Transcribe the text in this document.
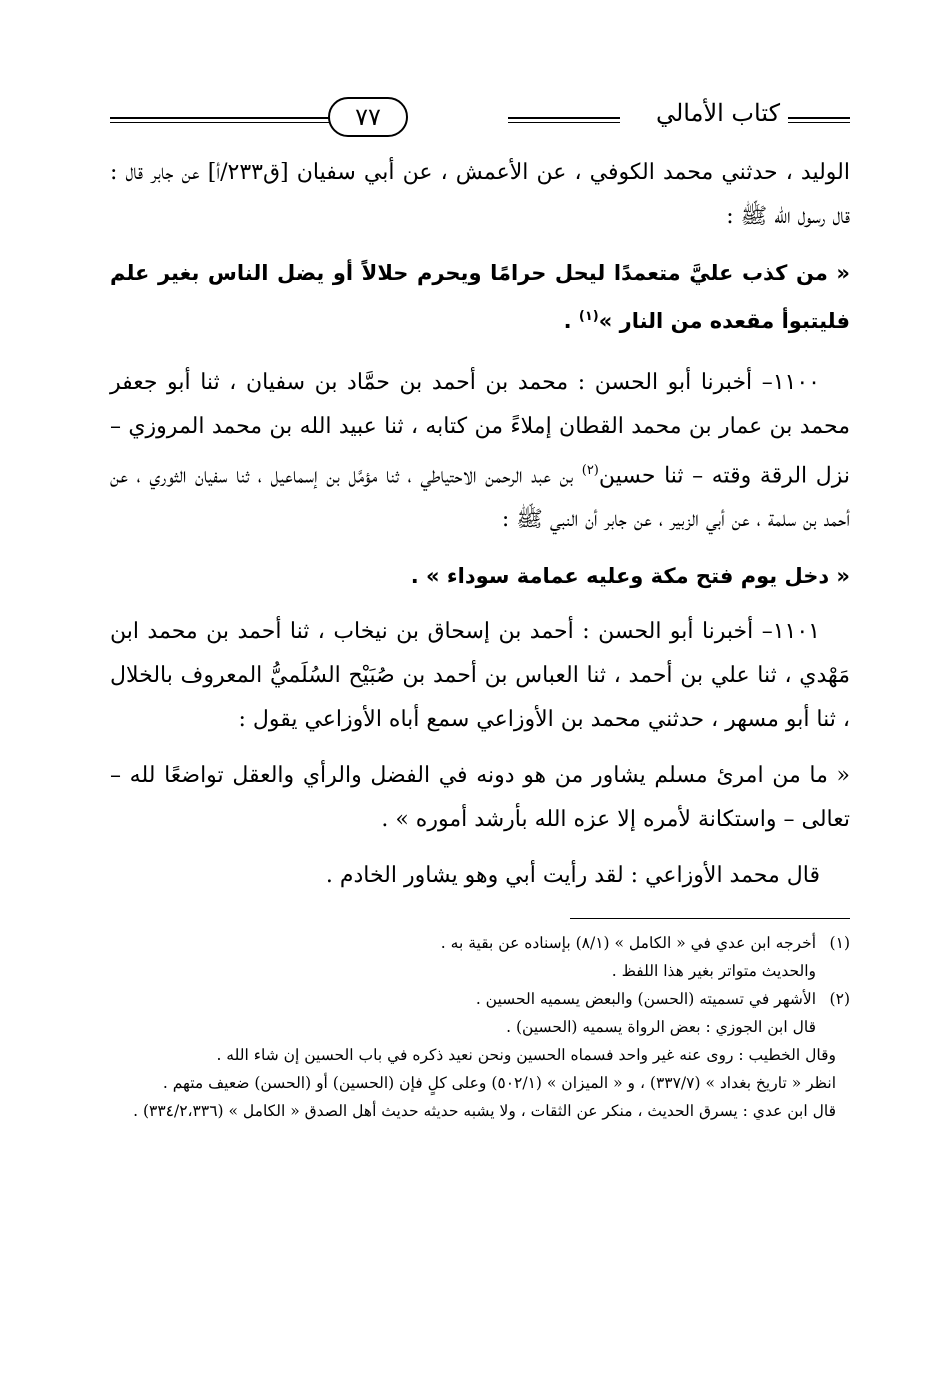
كتاب الأمالي
٧٧

الوليد ، حدثني محمد الكوفي ، عن الأعمش ، عن أبي سفيان [ق٢٣٣/أ] عن جابر قال : قال رسول الله ﷺ :

« من كذب عليَّ متعمدًا ليحل حرامًا ويحرم حلالاً أو يضل الناس بغير علم فليتبوأ مقعده من النار »$^{(١)}$ .

١١٠٠– أخبرنا أبو الحسن : محمد بن أحمد بن حمَّاد بن سفيان ، ثنا أبو جعفر محمد بن عمار بن محمد القطان إملاءً من كتابه ، ثنا عبيد الله بن محمد المروزي – نزل الرقة وقته – ثنا حسين$^{(٢)}$ بن عبد الرحمن الاحتياطي ، ثنا مؤمَّل بن إسماعيل ، ثنا سفيان الثوري ، عن أحمد بن سلمة ، عن أبي الزبير ، عن جابر أن النبي ﷺ :

« دخل يوم فتح مكة وعليه عمامة سوداء » .

١١٠١– أخبرنا أبو الحسن : أحمد بن إسحاق بن نيخاب ، ثنا أحمد بن محمد ابن مَهْدي ، ثنا علي بن أحمد ، ثنا العباس بن أحمد بن صُبَيْح السُلَميُّ المعروف بالخلال ، ثنا أبو مسهر ، حدثني محمد بن الأوزاعي سمع أباه الأوزاعي يقول :

« ما من امرئ مسلم يشاور من هو دونه في الفضل والرأي والعقل تواضعًا لله – تعالى – واستكانة لأمره إلا عزه الله بأرشد أموره » .

قال محمد الأوزاعي : لقد رأيت أبي وهو يشاور الخادم .

(١)أخرجه ابن عدي في « الكامل » (٨/١) بإسناده عن بقية به .

والحديث متواتر بغير هذا اللفظ .

(٢)الأشهر في تسميته (الحسن) والبعض يسميه الحسين .

قال ابن الجوزي : بعض الرواة يسميه (الحسين) .

وقال الخطيب : روى عنه غير واحد فسماه الحسين ونحن نعيد ذكره في باب الحسين إن شاء الله .

انظر « تاريخ بغداد » (٣٣٧/٧) ، و « الميزان » (٥٠٢/١) وعلى كلٍ فإن (الحسين) أو (الحسن) ضعيف متهم .

قال ابن عدي : يسرق الحديث ، منكر عن الثقات ، ولا يشبه حديثه حديث أهل الصدق « الكامل » (٣٣٤/٢،٣٣٦) .
